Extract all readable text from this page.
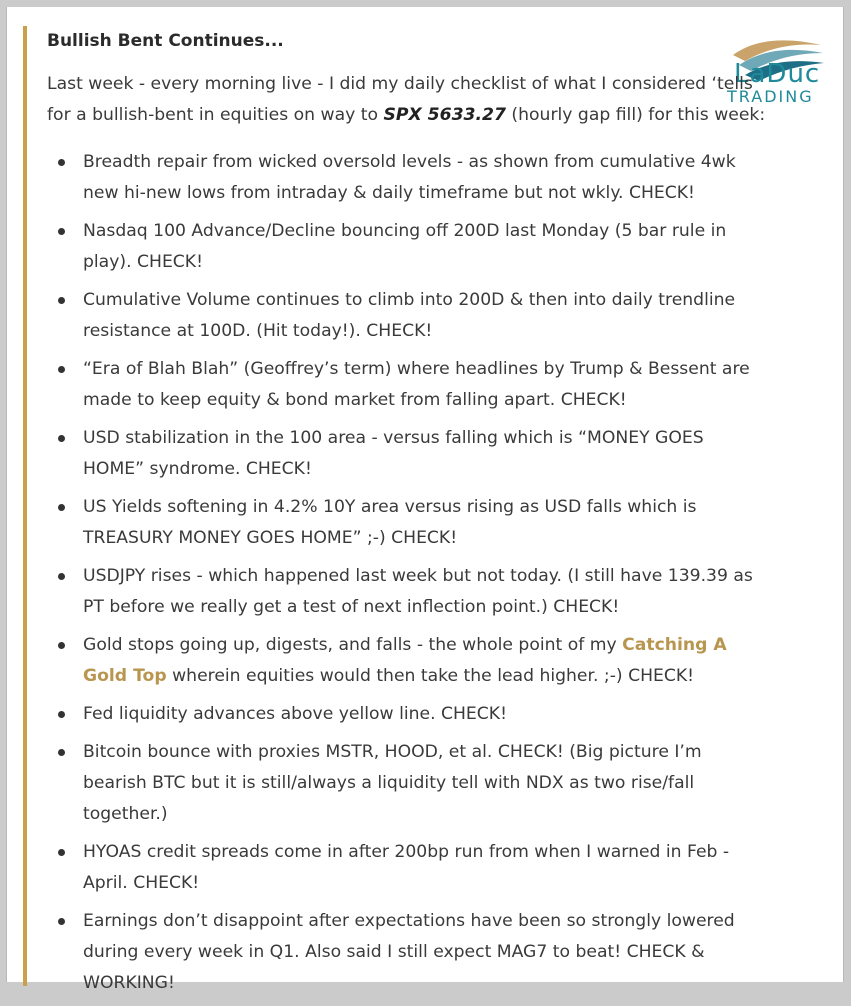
LaDuc
TRADING
Bullish Bent Continues...

Last week - every morning live - I did my daily checklist of what I considered ‘tells
for a bullish-bent in equities on way to SPX 5633.27 (hourly gap fill) for this week:

Breadth repair from wicked oversold levels - as shown from cumulative 4wk new hi-new lows from intraday & daily timeframe but not wkly. CHECK!
Nasdaq 100 Advance/Decline bouncing off 200D last Monday (5 bar rule in play). CHECK!
Cumulative Volume continues to climb into 200D & then into daily trendline resistance at 100D. (Hit today!). CHECK!
“Era of Blah Blah” (Geoffrey’s term) where headlines by Trump & Bessent are made to keep equity & bond market from falling apart. CHECK!
USD stabilization in the 100 area - versus falling which is “MONEY GOES HOME” syndrome. CHECK!
US Yields softening in 4.2% 10Y area versus rising as USD falls which is TREASURY MONEY GOES HOME” ;-) CHECK!
USDJPY rises - which happened last week but not today. (I still have 139.39 as PT before we really get a test of next inflection point.) CHECK!
Gold stops going up, digests, and falls - the whole point of my Catching A Gold Top wherein equities would then take the lead higher. ;-) CHECK!
Fed liquidity advances above yellow line. CHECK!
Bitcoin bounce with proxies MSTR, HOOD, et al. CHECK! (Big picture I’m bearish BTC but it is still/always a liquidity tell with NDX as two rise/fall together.)
HYOAS credit spreads come in after 200bp run from when I warned in Feb - April. CHECK!
Earnings don’t disappoint after expectations have been so strongly lowered during every week in Q1. Also said I still expect MAG7 to beat! CHECK & WORKING!
